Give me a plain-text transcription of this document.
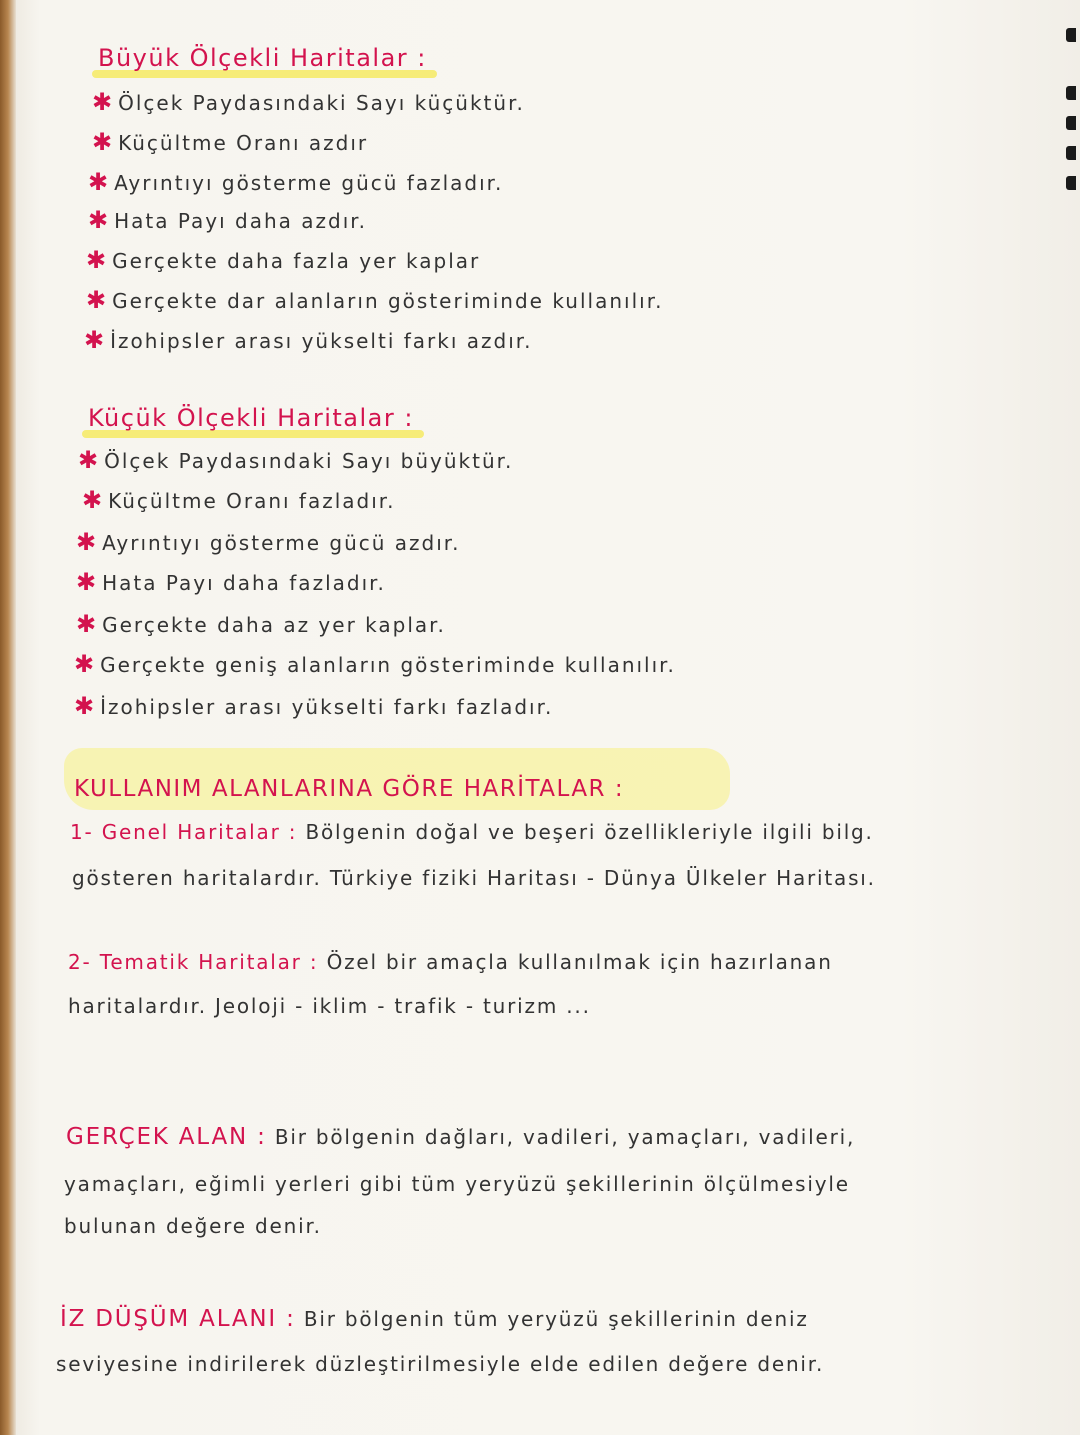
Büyük Ölçekli Haritalar :
✱ Ölçek Paydasındaki Sayı küçüktür.
✱ Küçültme Oranı azdır
✱ Ayrıntıyı gösterme gücü fazladır.
✱ Hata Payı daha azdır.
✱ Gerçekte daha fazla yer kaplar
✱ Gerçekte dar alanların gösteriminde kullanılır.
✱ İzohipsler arası yükselti farkı azdır.
Küçük Ölçekli Haritalar :
✱ Ölçek Paydasındaki Sayı büyüktür.
✱ Küçültme Oranı fazladır.
✱ Ayrıntıyı gösterme gücü azdır.
✱ Hata Payı daha fazladır.
✱ Gerçekte daha az yer kaplar.
✱ Gerçekte geniş alanların gösteriminde kullanılır.
✱ İzohipsler arası yükselti farkı fazladır.
KULLANIM ALANLARINA GÖRE HARİTALAR :
1- Genel Haritalar : Bölgenin doğal ve beşeri özellikleriyle ilgili bilg.
gösteren haritalardır. Türkiye fiziki Haritası - Dünya Ülkeler Haritası.
2- Tematik Haritalar : Özel bir amaçla kullanılmak için hazırlanan
haritalardır. Jeoloji - iklim - trafik - turizm ...
GERÇEK ALAN : Bir bölgenin dağları, vadileri, yamaçları, vadileri,
yamaçları, eğimli yerleri gibi tüm yeryüzü şekillerinin ölçülmesiyle
bulunan değere denir.
İZ DÜŞÜM ALANI : Bir bölgenin tüm yeryüzü şekillerinin deniz
seviyesine indirilerek düzleştirilmesiyle elde edilen değere denir.
